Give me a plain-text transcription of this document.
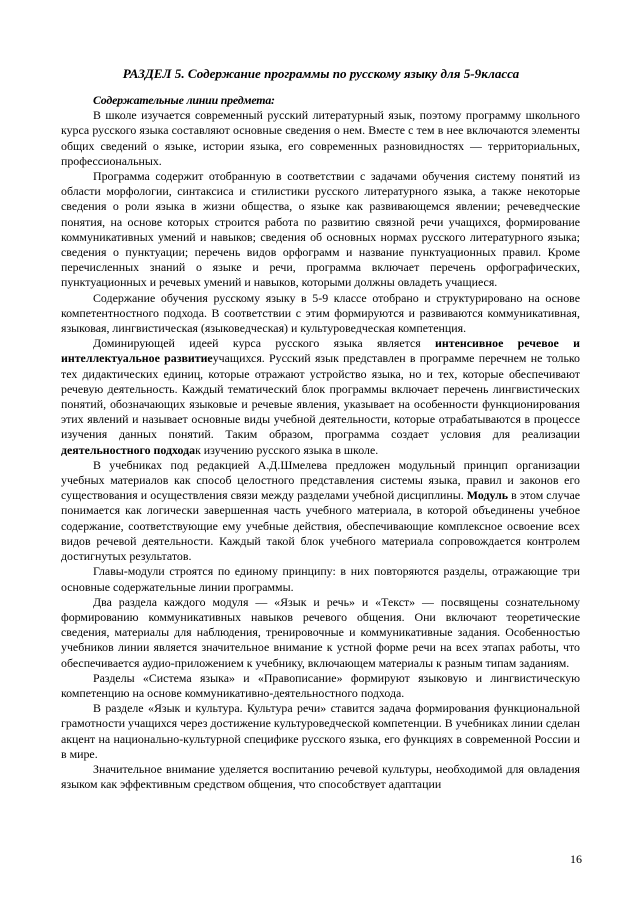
РАЗДЕЛ 5. Содержание программы по русскому языку для 5-9класса

Содержательные линии предмета:

В школе изучается современный русский литературный язык, поэтому программу школьного курса русского языка составляют основные сведения о нем. Вместе с тем в нее включаются элементы общих сведений о языке, истории языка, его современных разновидностях — территориальных, профессиональных.

Программа содержит отобранную в соответствии с задачами обучения систему понятий из области морфологии, синтаксиса и стилистики русского литературного языка, а также некоторые сведения о роли языка в жизни общества, о языке как развивающемся явлении; речеведческие понятия, на основе которых строится работа по развитию связной речи учащихся, формирование коммуникативных умений и навыков; сведения об основных нормах русского литературного языка; сведения о пунктуации; перечень видов орфограмм и название пунктуационных правил. Кроме перечисленных знаний о языке и речи, программа включает перечень орфографических, пунктуационных и речевых умений и навыков, которыми должны овладеть учащиеся.

Содержание обучения русскому языку в 5-9 классе отобрано и структурировано на основе компетентностного подхода. В соответствии с этим формируются и развиваются коммуникативная, языковая, лингвистическая (языковедческая) и культуроведческая компетенция.

Доминирующей идеей курса русского языка является интенсивное речевое и интеллектуальное развитиеучащихся. Русский язык представлен в программе перечнем не только тех дидактических единиц, которые отражают устройство языка, но и тех, которые обеспечивают речевую деятельность. Каждый тематический блок программы включает перечень лингвистических понятий, обозначающих языковые и речевые явления, указывает на особенности функционирования этих явлений и называет основные виды учебной деятельности, которые отрабатываются в процессе изучения данных понятий. Таким образом, программа создает условия для реализации деятельностного подходак изучению русского языка в школе.

В учебниках под редакцией А.Д.Шмелева предложен модульный принцип организации учебных материалов как способ целостного представления системы языка, правил и законов его существования и осуществления связи между разделами учебной дисциплины. Модуль в этом случае понимается как логически завершенная часть учебного материала, в которой объединены учебное содержание, соответствующие ему учебные действия, обеспечивающие комплексное освоение всех видов речевой деятельности. Каждый такой блок учебного материала сопровождается контролем достигнутых результатов.

Главы-модули строятся по единому принципу: в них повторяются разделы, отражающие три основные содержательные линии программы.

Два раздела каждого модуля — «Язык и речь» и «Текст» — посвящены сознательному формированию коммуникативных навыков речевого общения. Они включают теоретические сведения, материалы для наблюдения, тренировочные и коммуникативные задания. Особенностью учебников линии является значительное внимание к устной форме речи на всех этапах работы, что обеспечивается аудио-приложением к учебнику, включающем материалы к разным типам заданиям.

Разделы «Система языка» и «Правописание» формируют языковую и лингвистическую компетенцию на основе коммуникативно-деятельностного подхода.

В разделе «Язык и культура. Культура речи» ставится задача формирования функциональной грамотности учащихся через достижение культуроведческой компетенции. В учебниках линии сделан акцент на национально-культурной специфике русского языка, его функциях в современной России и в мире.

Значительное внимание уделяется воспитанию речевой культуры, необходимой для овладения языком как эффективным средством общения, что способствует адаптации

16
